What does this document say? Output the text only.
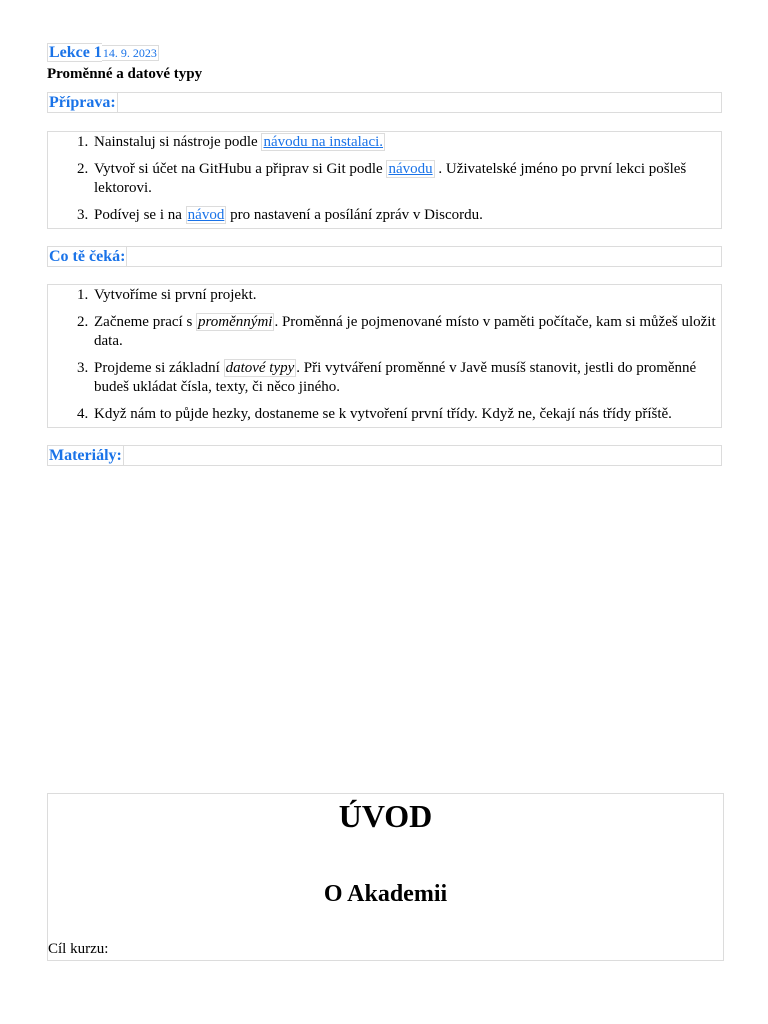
Lekce 114. 9. 2023
Proměnné a datové typy
Příprava:
1. Nainstaluj si nástroje podle návodu na instalaci.
2. Vytvoř si účet na GitHubu a připrav si Git podle návodu . Uživatelské jméno po první lekci pošleš lektorovi.
3. Podívej se i na návod pro nastavení a posílání zpráv v Discordu.
Co tě čeká:
1. Vytvoříme si první projekt.
2. Začneme prací s proměnnými . Proměnná je pojmenované místo v paměti počítače, kam si můžeš uložit data.
3. Projdeme si základní datové typy . Při vytváření proměnné v Javě musíš stanovit, jestli do proměnné budeš ukládat čísla, texty, či něco jiného.
4. Když nám to půjde hezky, dostaneme se k vytvoření první třídy. Když ne, čekají nás třídy příště.
Materiály:
ÚVOD
O Akademii
Cíl kurzu:
